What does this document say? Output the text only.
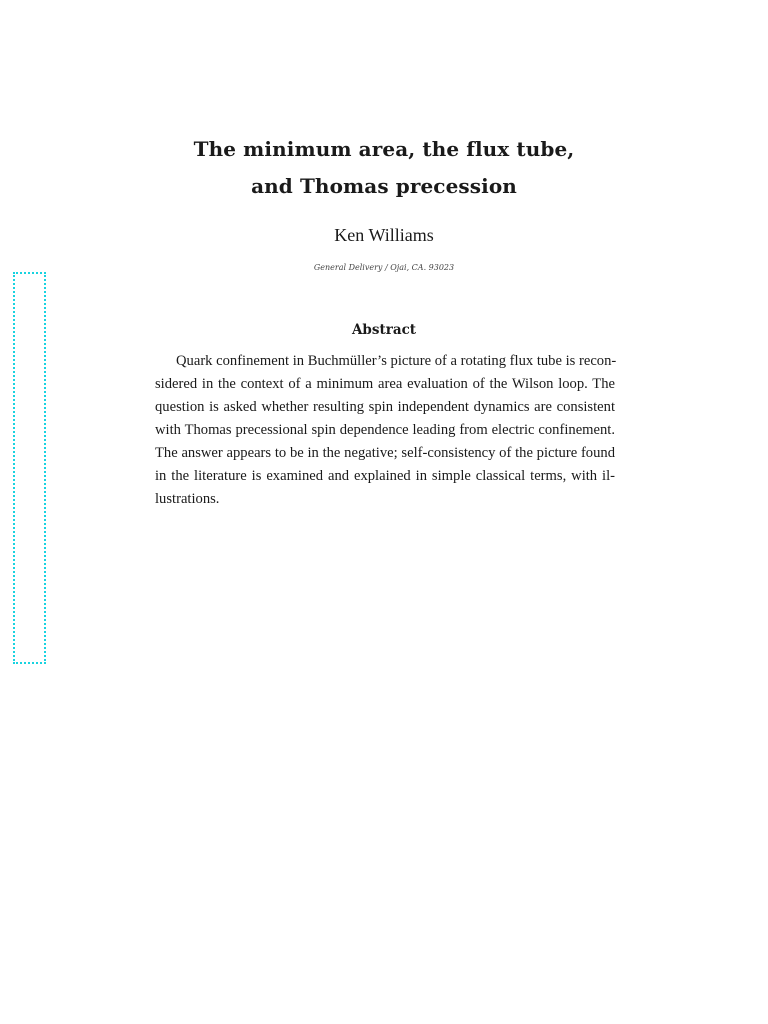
The minimum area, the flux tube,
and Thomas precession
Ken Williams
General Delivery / Ojai, CA. 93023
Abstract
Quark confinement in Buchmüller’s picture of a rotating flux tube is recon-
sidered in the context of a minimum area evaluation of the Wilson loop. The
question is asked whether resulting spin independent dynamics are consistent
with Thomas precessional spin dependence leading from electric confinement.
The answer appears to be in the negative; self-consistency of the picture found
in the literature is examined and explained in simple classical terms, with il-
lustrations.
